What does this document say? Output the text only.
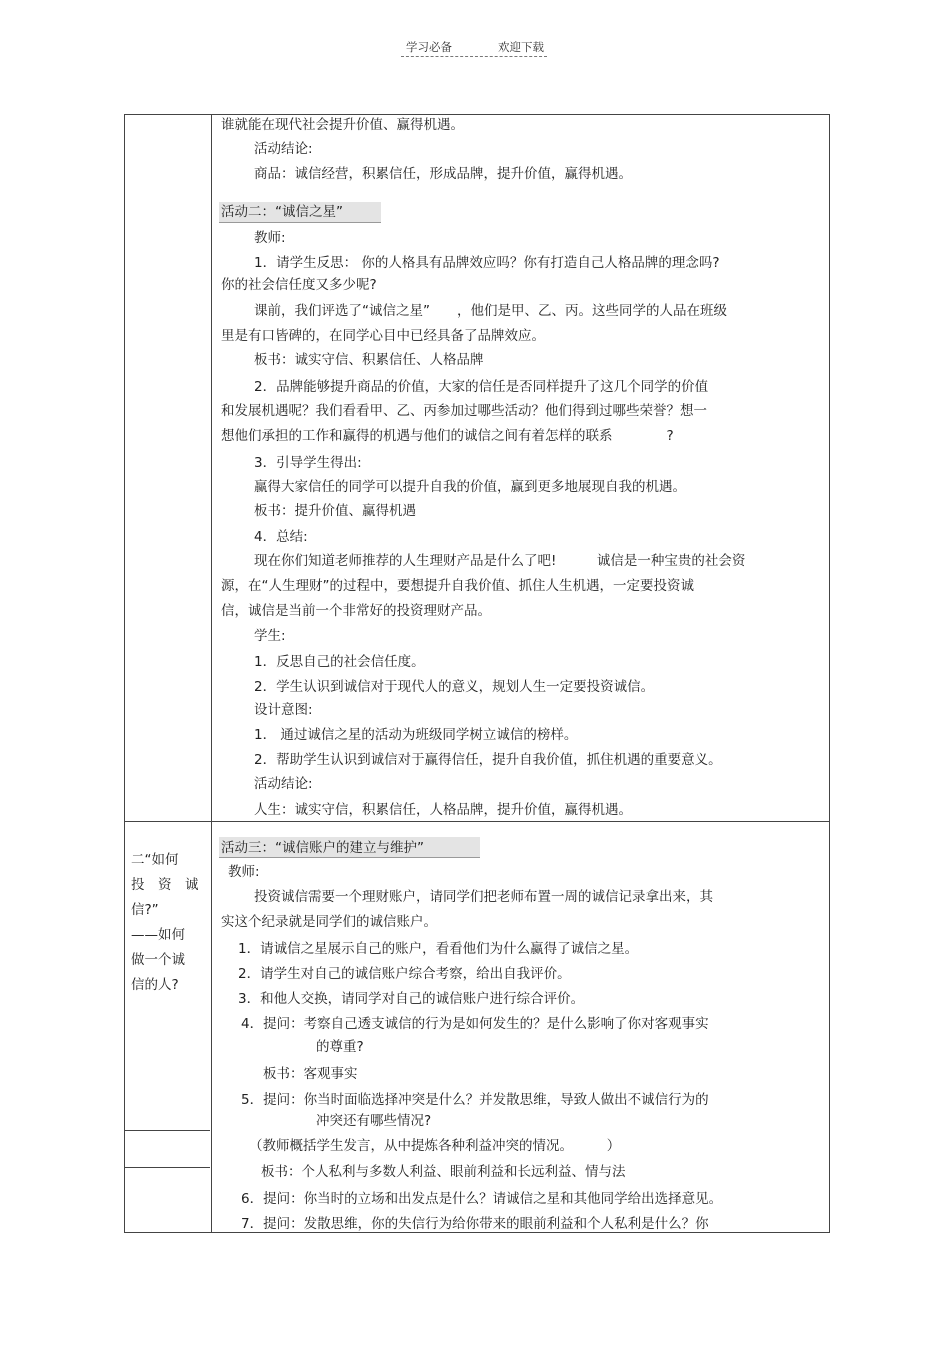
学习必备	欢迎下载
二“如何
投　资　诚
信?”
——如何
做一个诚
信的人?
谁就能在现代社会提升价值、赢得机遇。
活动结论:
商品：诚信经营，积累信任，形成品牌，提升价值，赢得机遇。
活动二：“诚信之星”
教师:
1．请学生反思： 你的人格具有品牌效应吗？你有打造自己人格品牌的理念吗?
你的社会信任度又多少呢?
课前，我们评选了“诚信之星”　　，他们是甲、乙、丙。这些同学的人品在班级
里是有口皆碑的，在同学心目中已经具备了品牌效应。
板书：诚实守信、积累信任、人格品牌
2．品牌能够提升商品的价值，大家的信任是否同样提升了这几个同学的价值
和发展机遇呢？我们看看甲、乙、丙参加过哪些活动？他们得到过哪些荣誉？想一
想他们承担的工作和赢得的机遇与他们的诚信之间有着怎样的联系　　　　?
3．引导学生得出:
赢得大家信任的同学可以提升自我的价值，赢到更多地展现自我的机遇。
板书：提升价值、赢得机遇
4．总结:
现在你们知道老师推荐的人生理财产品是什么了吧!　　　诚信是一种宝贵的社会资
源，在“人生理财”的过程中，要想提升自我价值、抓住人生机遇，一定要投资诚
信，诚信是当前一个非常好的投资理财产品。
学生:
1．反思自己的社会信任度。
2．学生认识到诚信对于现代人的意义，规划人生一定要投资诚信。
设计意图:
1． 通过诚信之星的活动为班级同学树立诚信的榜样。
2．帮助学生认识到诚信对于赢得信任，提升自我价值，抓住机遇的重要意义。
活动结论:
人生：诚实守信，积累信任，人格品牌，提升价值，赢得机遇。
活动三：“诚信账户的建立与维护”
教师:
投资诚信需要一个理财账户，请同学们把老师布置一周的诚信记录拿出来，其
实这个纪录就是同学们的诚信账户。
1．请诚信之星展示自己的账户，看看他们为什么赢得了诚信之星。
2．请学生对自己的诚信账户综合考察，给出自我评价。
3．和他人交换，请同学对自己的诚信账户进行综合评价。
4．提问：考察自己透支诚信的行为是如何发生的？是什么影响了你对客观事实
的尊重?
板书：客观事实
5．提问：你当时面临选择冲突是什么？并发散思维，导致人做出不诚信行为的
冲突还有哪些情况?
（教师概括学生发言，从中提炼各种利益冲突的情况。　　　）
板书：个人私利与多数人利益、眼前利益和长远利益、情与法
6．提问：你当时的立场和出发点是什么？请诚信之星和其他同学给出选择意见。
7．提问：发散思维，你的失信行为给你带来的眼前利益和个人私利是什么？你
